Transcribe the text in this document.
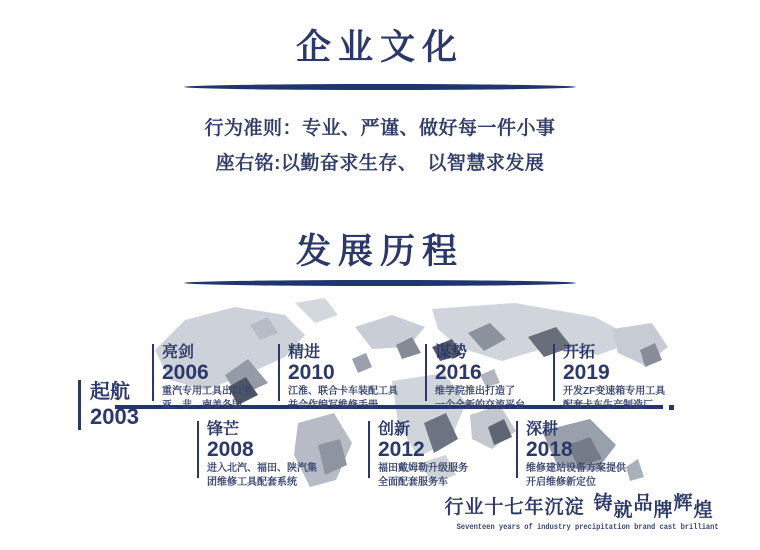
企业文化
行为准则：专业、严谨、做好每一件小事
座右铭:以勤奋求生存、　以智慧求发展
发展历程
起航
2003
亮剑
2006
重汽专用工具出口至
亚、非、南美各国
锋芒
2008
进入北汽、福田、陕汽集
团维修工具配套系统
精进
2010
江淮、联合卡车装配工具
并合作编写维修手册
创新
2012
福田戴姆勒升级服务
全面配套服务车
谋势
2016
维学院推出打造了
一个全新的交流平台
深耕
2018
维修建站设备方案提供
开启维修新定位
开拓
2019
开发ZF变速箱专用工具
配套卡车生产制造厂
行业十七年沉淀 铸 就 品 牌 辉 煌
Seventeen years of industry precipitation brand cast brilliant
